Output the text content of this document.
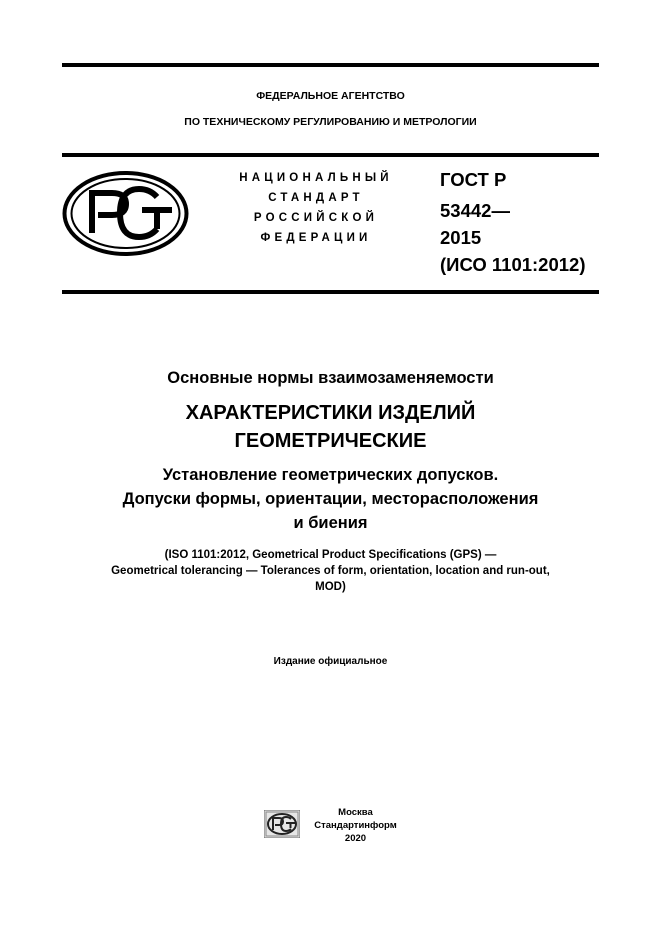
ФЕДЕРАЛЬНОЕ АГЕНТСТВО
ПО ТЕХНИЧЕСКОМУ РЕГУЛИРОВАНИЮ И МЕТРОЛОГИИ
НАЦИОНАЛЬНЫЙ
СТАНДАРТ
РОССИЙСКОЙ
ФЕДЕРАЦИИ
ГОСТ Р
53442—
2015
(ИСО 1101:2012)
Основные нормы взаимозаменяемости
ХАРАКТЕРИСТИКИ ИЗДЕЛИЙ
ГЕОМЕТРИЧЕСКИЕ
Установление геометрических допусков.
Допуски формы, ориентации, месторасположения
и биения
(ISO 1101:2012, Geometrical Product Specifications (GPS) —
Geometrical tolerancing — Tolerances of form, orientation, location and run-out,
MOD)
Издание официальное
Москва
Стандартинформ
2020
